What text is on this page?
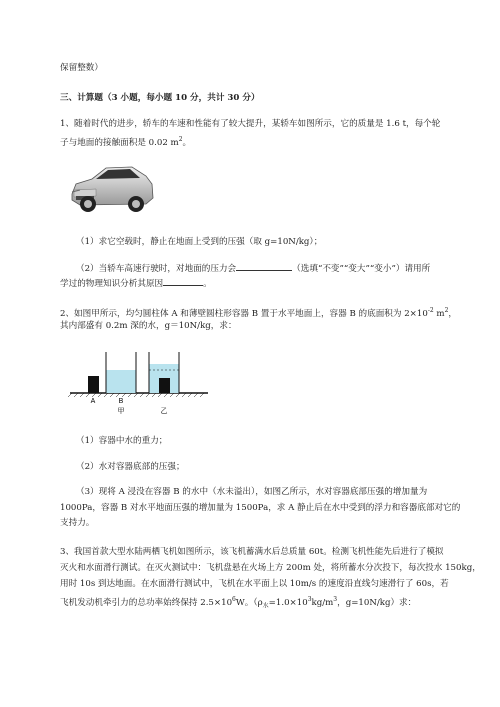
保留整数）
三、计算题（3 小题，每小题 10 分，共计 30 分）
1、随着时代的进步，轿车的车速和性能有了较大提升，某轿车如图所示，它的质量是 1.6 t，每个轮
子与地面的接触面积是 0.02 $m^2$。
（1）求它空载时，静止在地面上受到的压强（取 g=10N/kg）；
（2）当轿车高速行驶时，对地面的压力会	（选填“不变”“变大”“变小”）请用所
学过的物理知识分析其原因	。
2、如图甲所示，均匀圆柱体 A 和薄壁圆柱形容器 B 置于水平地面上，容器 B 的底面积为 $2\times 10^{-2}$ $m^2$，
其内部盛有 0.2m 深的水，g＝10N/kg，求：
A	B
甲	乙
（1）容器中水的重力；
（2）水对容器底部的压强；
（3）现将 A 浸没在容器 B 的水中（水未溢出），如图乙所示，水对容器底部压强的增加量为
1000Pa，容器 B 对水平地面压强的增加量为 1500Pa，求 A 静止后在水中受到的浮力和容器底部对它的
支持力。
3、我国首款大型水陆两栖飞机如图所示，该飞机蓄满水后总质量 60t。检测飞机性能先后进行了模拟
灭火和水面滑行测试。在灭火测试中：飞机盘悬在火场上方 200m 处，将所蓄水分次投下，每次投水 150kg，
用时 10s 到达地面。在水面滑行测试中，飞机在水平面上以 10m/s 的速度沿直线匀速滑行了 60s，若
飞机发动机牵引力的总功率始终保持 $2.5\times 10^6W$。（$\rho_水=1.0\times 10^3kg/m^3$，g=10N/kg）求：
